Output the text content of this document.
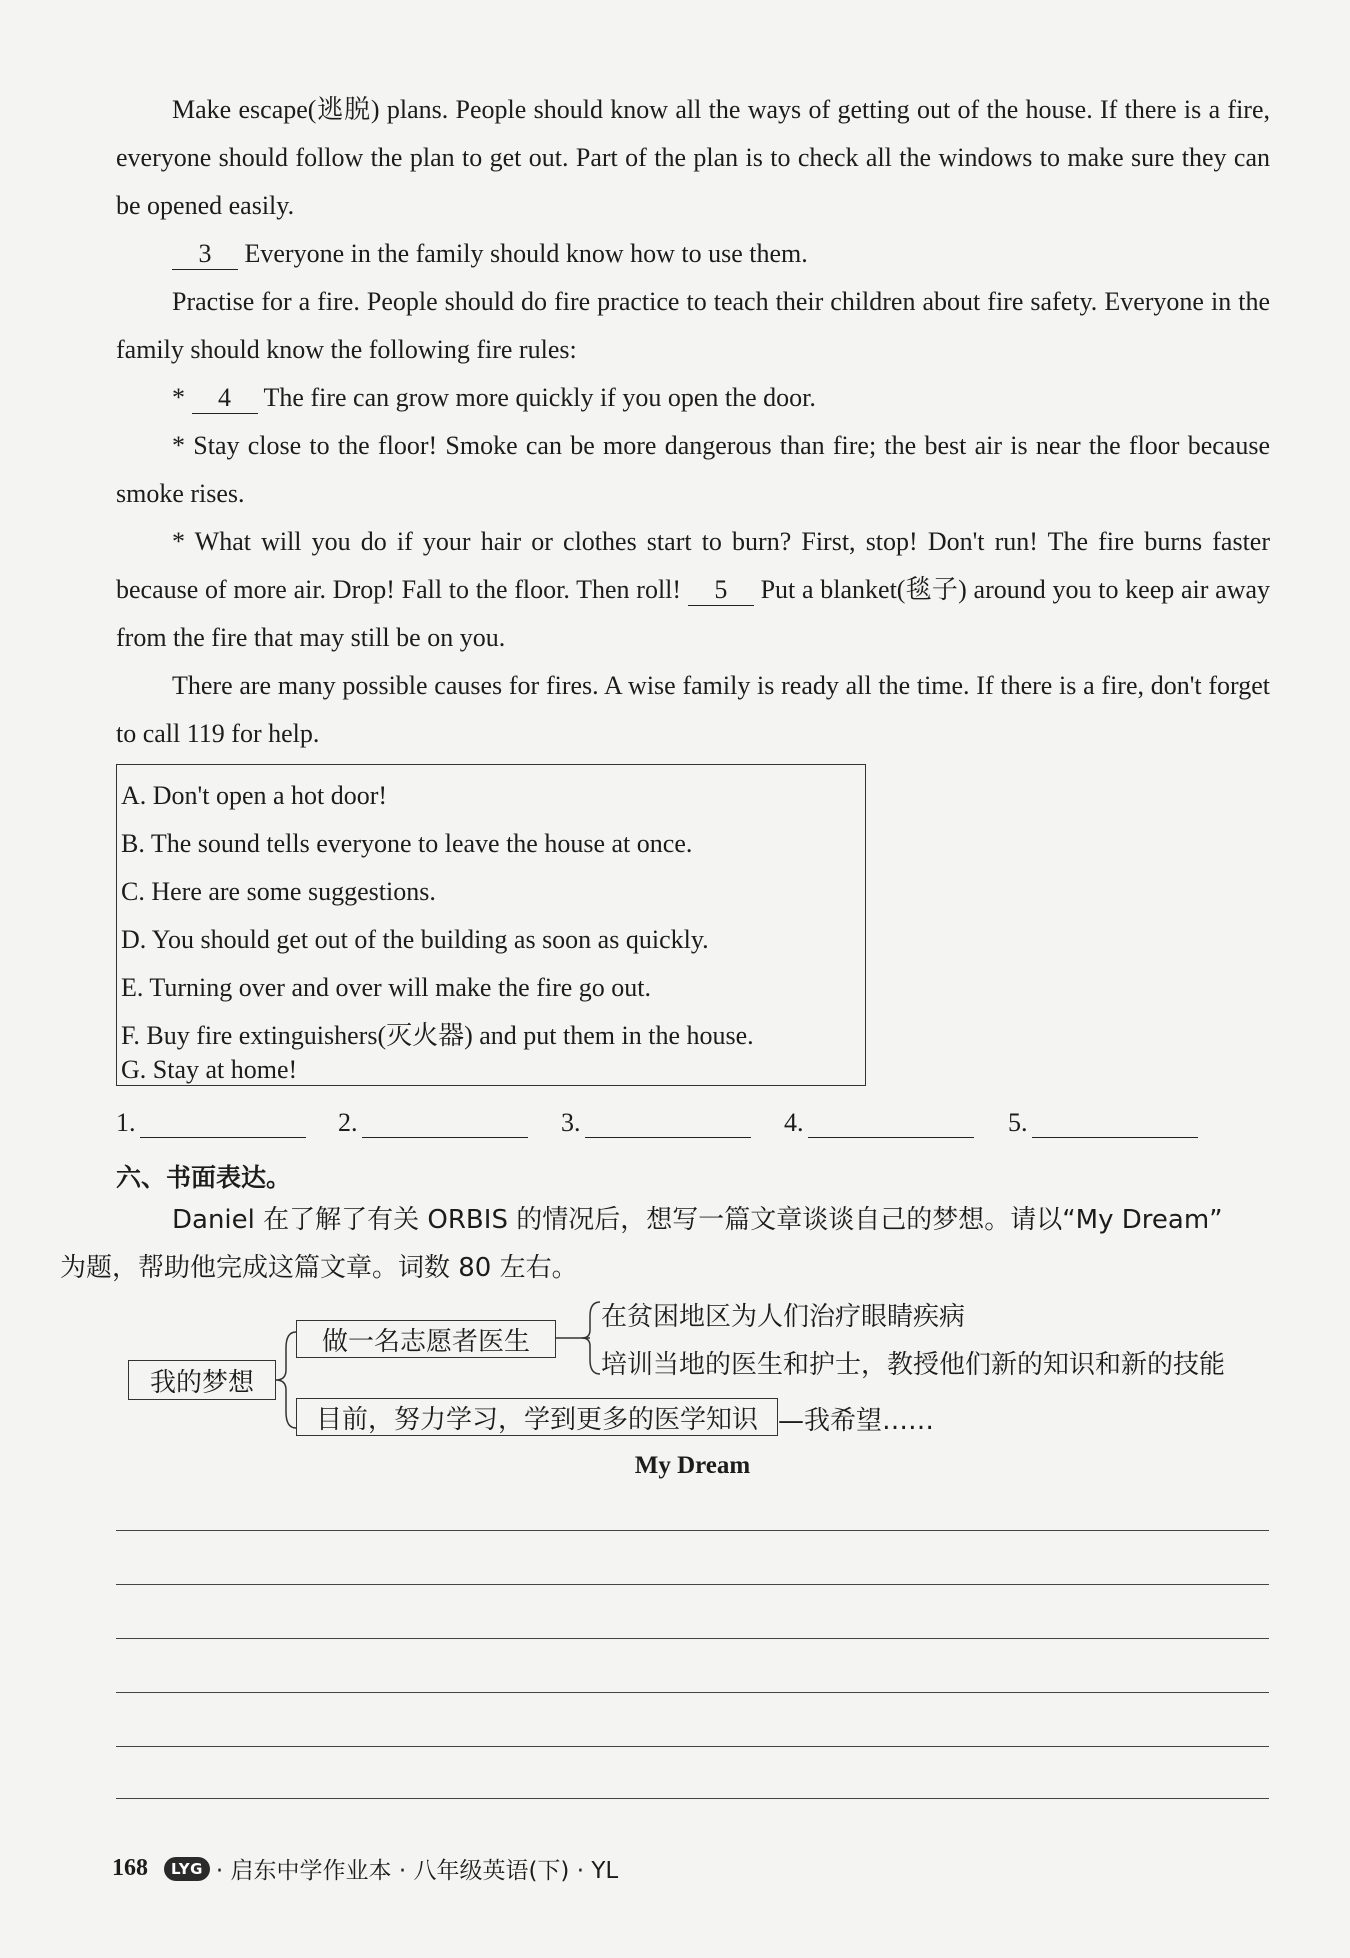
Make escape(逃脱) plans. People should know all the ways of getting out of the house. If there is a fire, everyone should follow the plan to get out. Part of the plan is to check all the windows to make sure they can be opened easily.

3 Everyone in the family should know how to use them.

Practise for a fire. People should do fire practice to teach their children about fire safety. Everyone in the family should know the following fire rules:

* 4 The fire can grow more quickly if you open the door.

* Stay close to the floor! Smoke can be more dangerous than fire; the best air is near the floor because smoke rises.

* What will you do if your hair or clothes start to burn? First, stop! Don't run! The fire burns faster because of more air. Drop! Fall to the floor. Then roll! 5 Put a blanket(毯子) around you to keep air away from the fire that may still be on you.

There are many possible causes for fires. A wise family is ready all the time. If there is a fire, don't forget to call 119 for help.

A. Don't open a hot door!
B. The sound tells everyone to leave the house at once.
C. Here are some suggestions.
D. You should get out of the building as soon as quickly.
E. Turning over and over will make the fire go out.
F. Buy fire extinguishers(灭火器) and put them in the house.
G. Stay at home!
1.	2.	3.	4.	5.
六、书面表达。

Daniel 在了解了有关 ORBIS 的情况后，想写一篇文章谈谈自己的梦想。请以“My Dream”
为题，帮助他完成这篇文章。词数 80 左右。

我的梦想
做一名志愿者医生
在贫困地区为人们治疗眼睛疾病
培训当地的医生和护士，教授他们新的知识和新的技能
目前，努力学习，学到更多的医学知识 —我希望……
My Dream
168	LYG · 启东中学作业本 · 八年级英语(下) · YL
